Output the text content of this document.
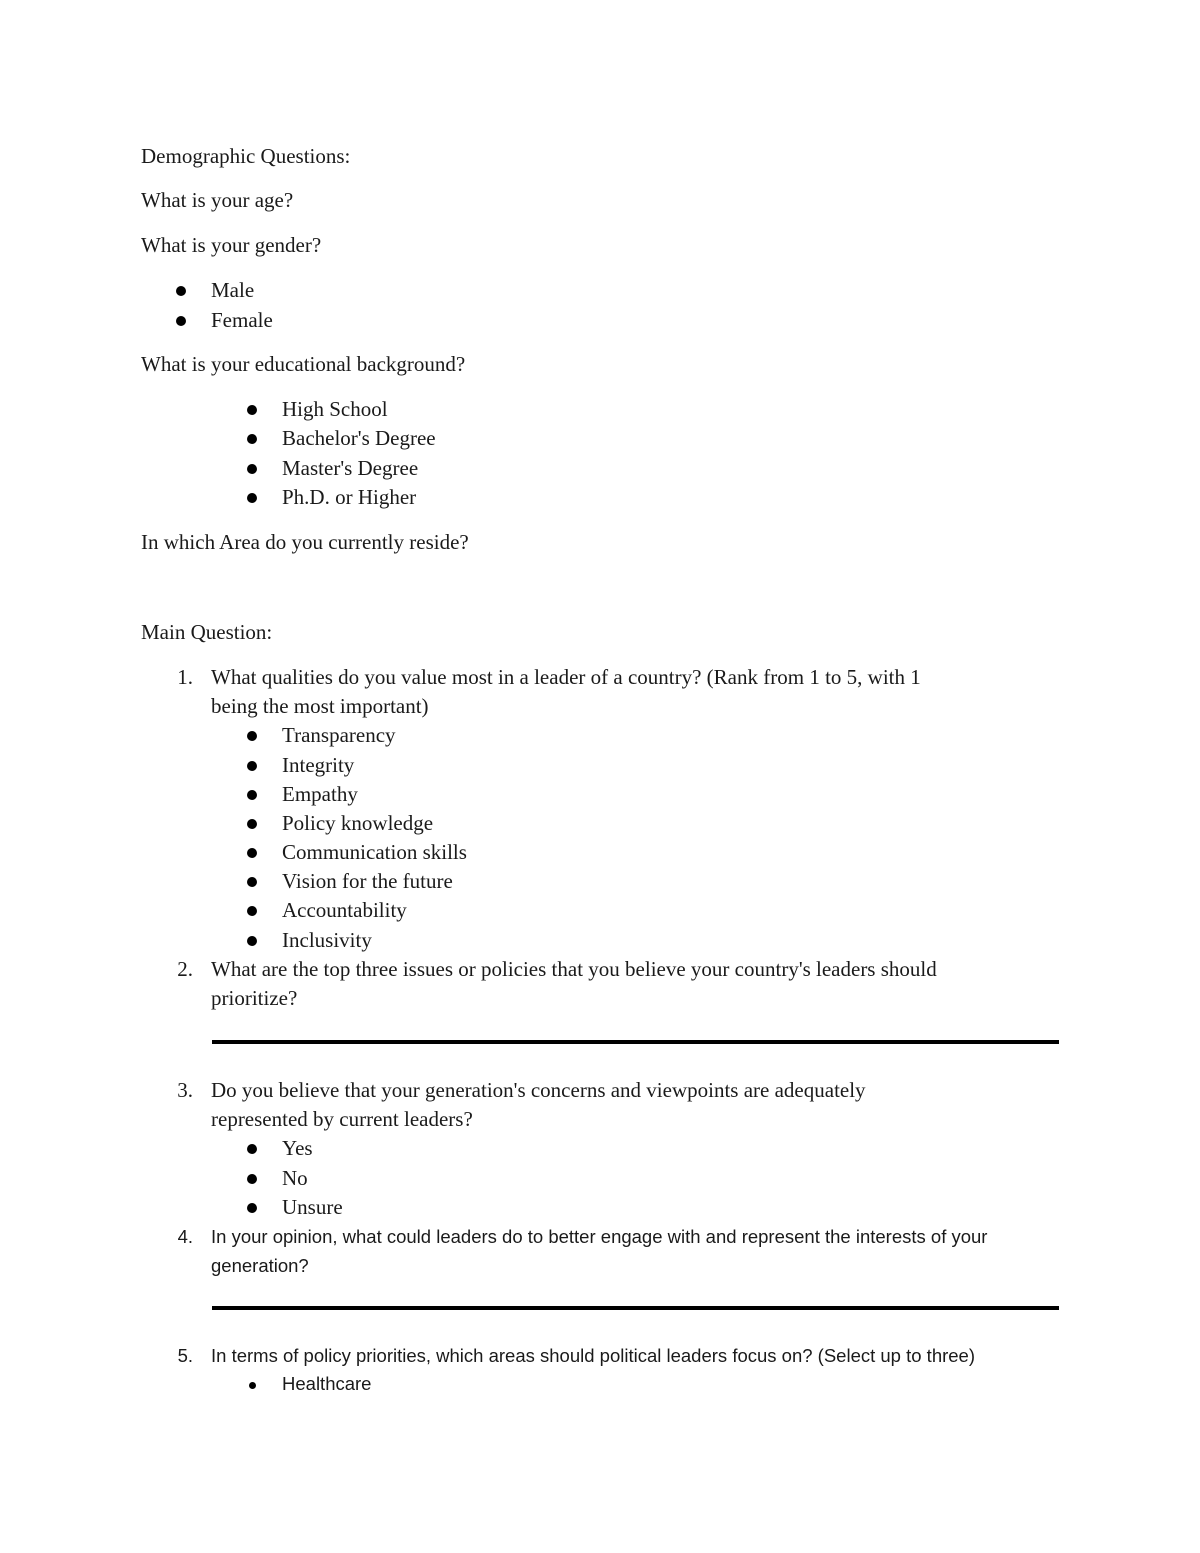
Demographic Questions:
What is your age?
What is your gender?
Male
Female
What is your educational background?
High School
Bachelor's Degree
Master's Degree
Ph.D. or Higher
In which Area do you currently reside?
Main Question:
1. What qualities do you value most in a leader of a country? (Rank from 1 to 5, with 1
being the most important)
Transparency
Integrity
Empathy
Policy knowledge
Communication skills
Vision for the future
Accountability
Inclusivity
2. What are the top three issues or policies that you believe your country's leaders should
prioritize?
3. Do you believe that your generation's concerns and viewpoints are adequately
represented by current leaders?
Yes
No
Unsure
4. In your opinion, what could leaders do to better engage with and represent the interests of your
generation?
5. In terms of policy priorities, which areas should political leaders focus on? (Select up to three)
Healthcare
